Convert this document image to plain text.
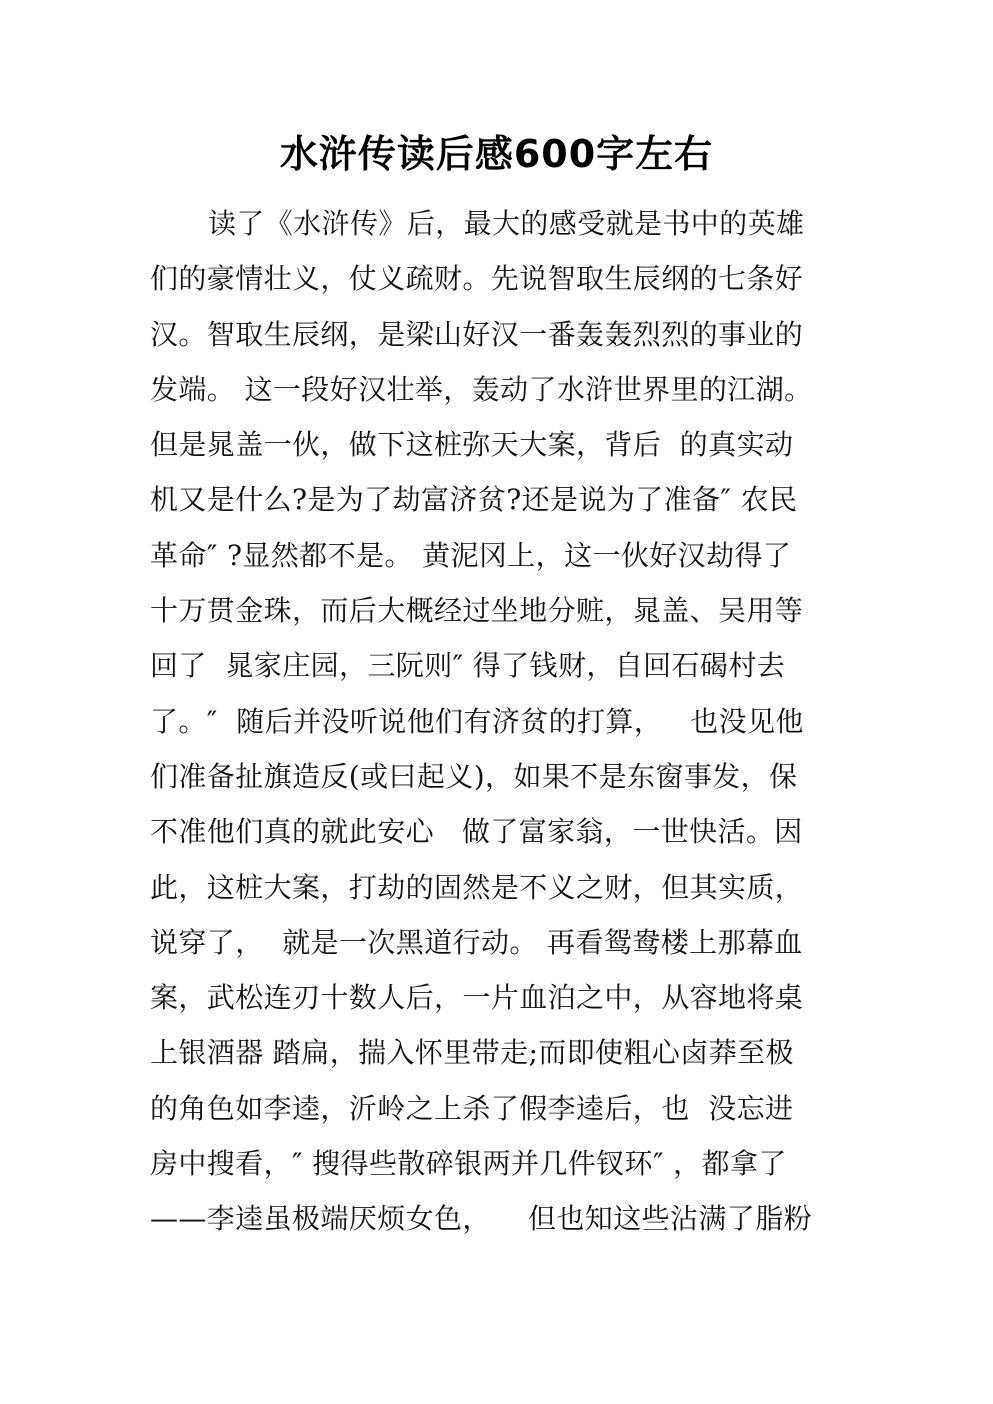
水浒传读后感600字左右
读了《水浒传》后，最大的感受就是书中的英雄
们的豪情壮义，仗义疏财。先说智取生辰纲的七条好
汉。智取生辰纲，是梁山好汉一番轰轰烈烈的事业的
发端。 这一段好汉壮举，轰动了水浒世界里的江湖。
但是晁盖一伙，做下这桩弥天大案，背后  的真实动
机又是什么?是为了劫富济贫?还是说为了准备″ 农民
革命″ ?显然都不是。 黄泥冈上，这一伙好汉劫得了
十万贯金珠，而后大概经过坐地分赃，晁盖、吴用等
回了  晁家庄园，三阮则″ 得了钱财，自回石碣村去
了。″  随后并没听说他们有济贫的打算，   也没见他
们准备扯旗造反(或曰起义)，如果不是东窗事发，保
不准他们真的就此安心   做了富家翁，一世快活。因
此，这桩大案，打劫的固然是不义之财，但其实质，
说穿了，  就是一次黑道行动。 再看鸳鸯楼上那幕血
案，武松连刃十数人后，一片血泊之中，从容地将桌
上银酒器 踏扁，揣入怀里带走;而即使粗心卤莽至极
的角色如李逵，沂岭之上杀了假李逵后，也  没忘进
房中搜看，″ 搜得些散碎银两并几件钗环″ ，都拿了
——李逵虽极端厌烦女色，    但也知这些沾满了脂粉
